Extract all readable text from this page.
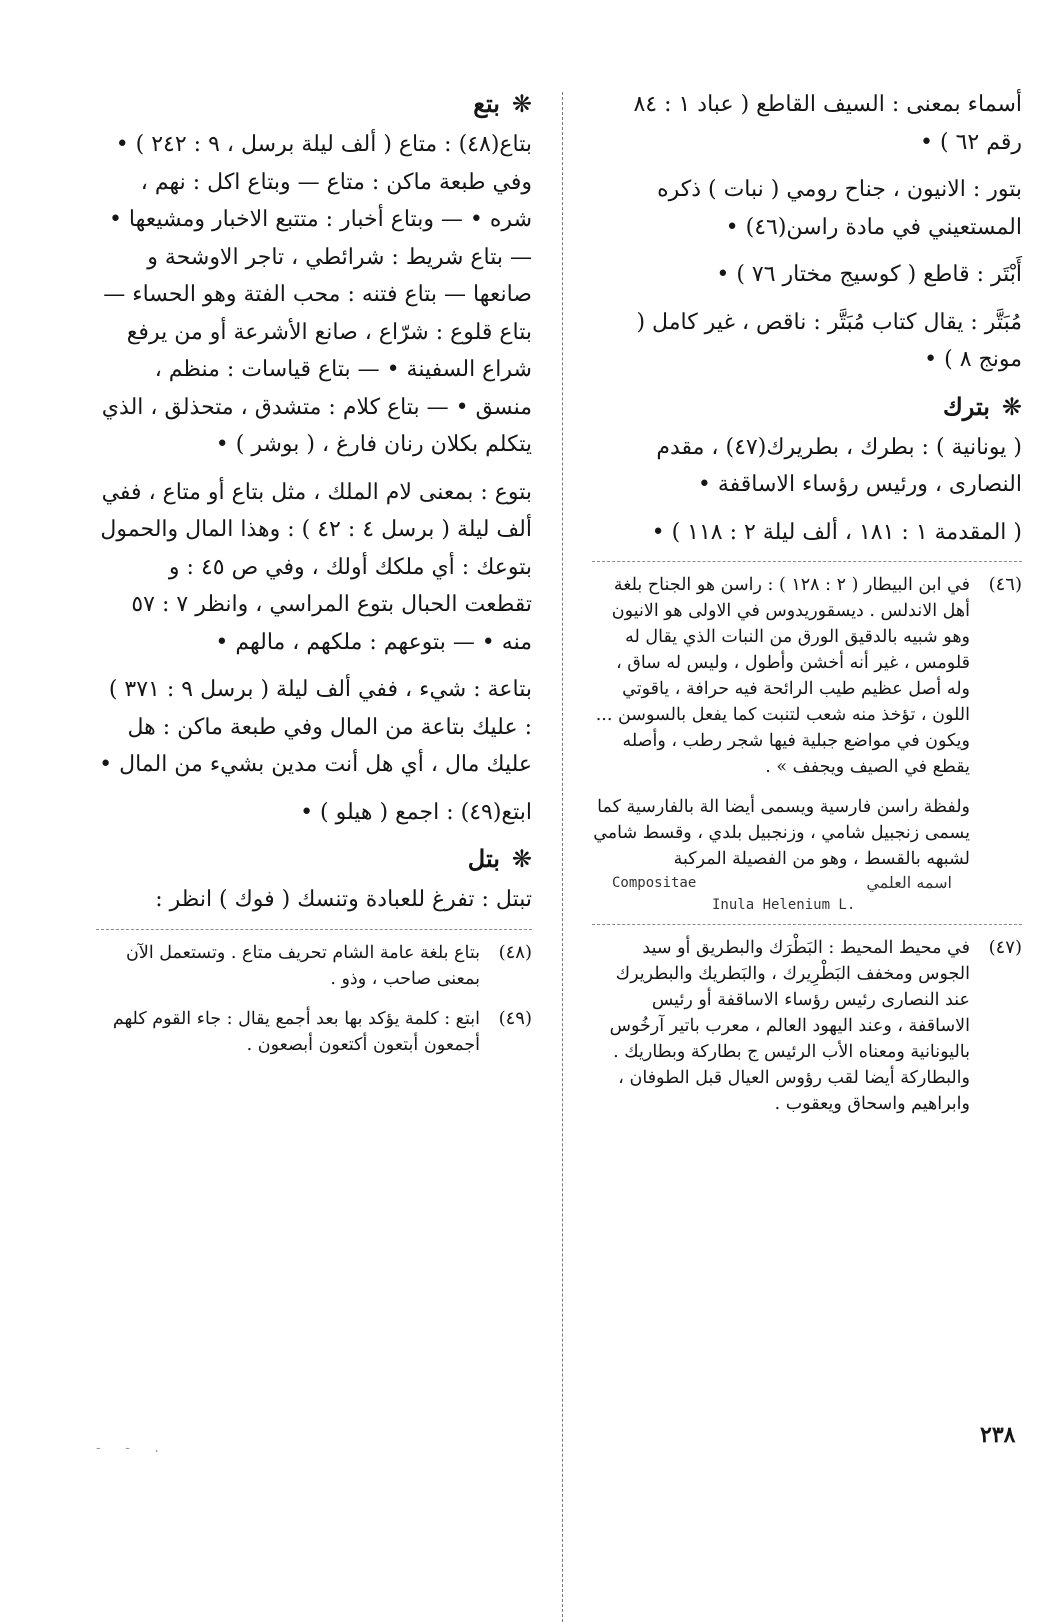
أسماء بمعنى : السيف القاطع ( عباد ١ : ٨٤ رقم ٦٢ ) •

بتور : الانيون ، جناح رومي ( نبات ) ذكره المستعيني في مادة راسن(٤٦) •

أَبْتَر : قاطع ( كوسيج مختار ٧٦ ) •

مُبَتَّر : يقال كتاب مُبَتَّر : ناقص ، غير كامل ( مونج ٨ ) •

❋بترك

( يونانية ) : بطرك ، بطريرك(٤٧) ، مقدم النصارى ، ورئيس رؤساء الاساقفة •

( المقدمة ١ : ١٨١ ، ألف ليلة ٢ : ١١٨ ) •

(٤٦)
في ابن البيطار ( ٢ : ١٢٨ ) : راسن هو الجناح بلغة أهل الاندلس . ديسقوريدوس في الاولى هو الانيون وهو شبيه بالدقيق الورق من النبات الذي يقال له قلومس ، غير أنه أخشن وأطول ، وليس له ساق ، وله أصل عظيم طيب الرائحة فيه حرافة ، ياقوتي اللون ، تؤخذ منه شعب لتنبت كما يفعل بالسوسن ... ويكون في مواضع جبلية فيها شجر رطب ، وأصله يقطع في الصيف ويجفف » .
ولفظة راسن فارسية ويسمى أيضا الة بالفارسية كما يسمى زنجبيل شامي ، وزنجبيل بلدي ، وقسط شامي لشبهه بالقسط ، وهو من الفصيلة المركبة
Compositae	اسمه العلمي
Inula Helenium L.
(٤٧)
في محيط المحيط : البَطْرَك والبطريق أو سيد الجوس ومخفف البَطْرِيرك ، والبَطريك والبطريرك عند النصارى رئيس رؤساء الاساقفة أو رئيس الاساقفة ، وعند اليهود العالم ، معرب باتير آرخُوس باليونانية ومعناه الأب الرئيس ج بطاركة وبطاريك . والبطاركة أيضا لقب رؤوس العيال قبل الطوفان ، وابراهيم واسحاق ويعقوب .
❋بتع

بتاع(٤٨) : متاع ( ألف ليلة برسل ، ٩ : ٢٤٢ ) • وفي طبعة ماكن : متاع — وبتاع اكل : نهم ، شره • — وبتاع أخبار : متتبع الاخبار ومشيعها • — بتاع شريط : شرائطي ، تاجر الاوشحة و صانعها — بتاع فتنه : محب الفتة وهو الحساء — بتاع قلوع : شرّاع ، صانع الأشرعة أو من يرفع شراع السفينة • — بتاع قياسات : منظم ، منسق • — بتاع كلام : متشدق ، متحذلق ، الذي يتكلم بكلان رنان فارغ ، ( بوشر ) •

بتوع : بمعنى لام الملك ، مثل بتاع أو متاع ، ففي ألف ليلة ( برسل ٤ : ٤٢ ) : وهذا المال والحمول بتوعك : أي ملكك أولك ، وفي ص ٤٥ : و تقطعت الحبال بتوع المراسي ، وانظر ٧ : ٥٧ منه • — بتوعهم : ملكهم ، مالهم •

بتاعة : شيء ، ففي ألف ليلة ( برسل ٩ : ٣٧١ ) : عليك بتاعة من المال وفي طبعة ماكن : هل عليك مال ، أي هل أنت مدين بشيء من المال •

ابتع(٤٩) : اجمع ( هيلو ) •

❋بتل

تبتل : تفرغ للعبادة وتنسك ( فوك ) انظر :

(٤٨)
بتاع بلغة عامة الشام تحريف متاع . وتستعمل الآن بمعنى صاحب ، وذو .
(٤٩)
ابتع : كلمة يؤكد بها بعد أجمع يقال : جاء القوم كلهم أجمعون أبتعون أكتعون أبصعون .
٢٣٨
- - .
